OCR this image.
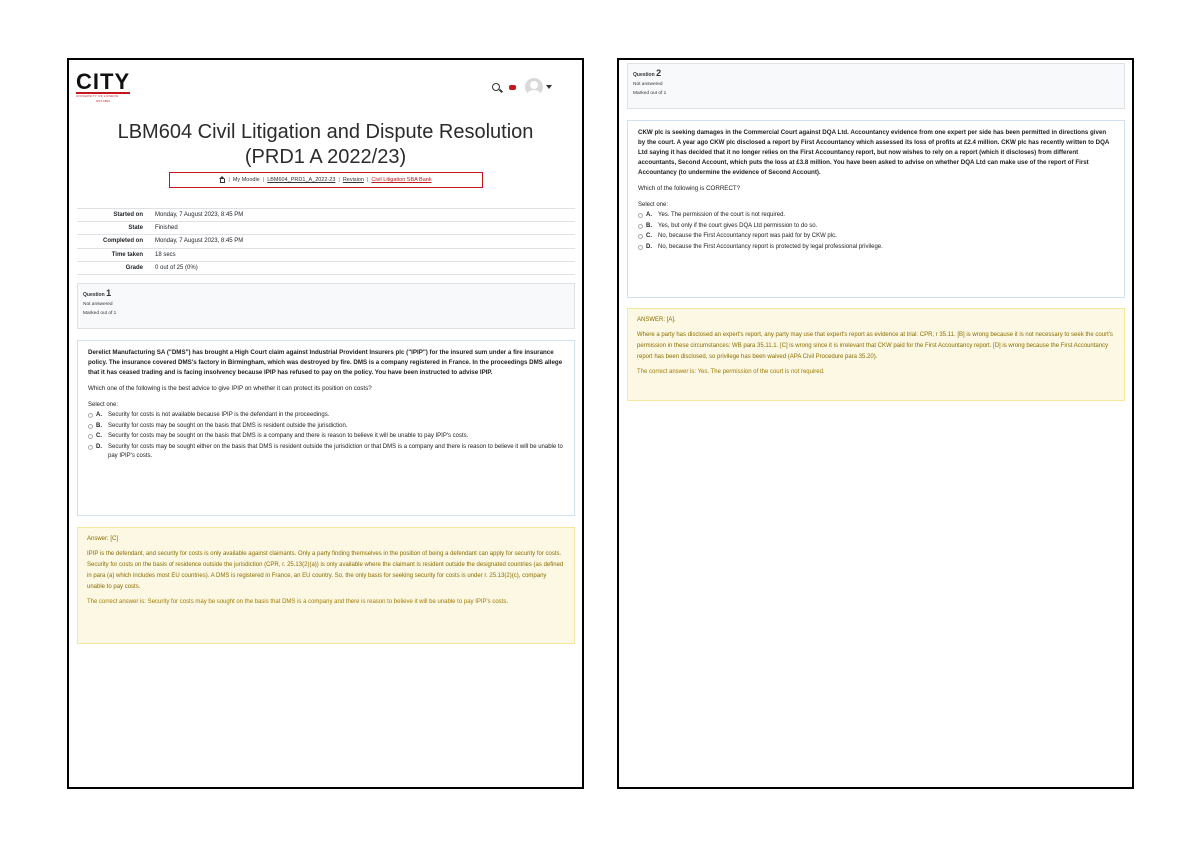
CITY
UNIVERSITY OF LONDON
EST 1894
LBM604 Civil Litigation and Dispute Resolution
(PRD1 A 2022/23)
| My Moodle | LBM604_PRD1_A_2022-23 | Revision | Civil Litigation SBA Bank
Started on	Monday, 7 August 2023, 8:45 PM
State	Finished
Completed on	Monday, 7 August 2023, 8:45 PM
Time taken	18 secs
Grade	0 out of 25 (0%)
Question 1
Not answered
Marked out of 1

Derelict Manufacturing SA ("DMS") has brought a High Court claim against Industrial Provident Insurers plc ("IPIP") for the insured sum under a fire insurance policy. The insurance covered DMS's factory in Birmingham, which was destroyed by fire. DMS is a company registered in France. In the proceedings DMS allege that it has ceased trading and is facing insolvency because IPIP has refused to pay on the policy. You have been instructed to advise IPIP.

Which one of the following is the best advice to give IPIP on whether it can protect its position on costs?

Select one:
A.	Security for costs is not available because IPIP is the defendant in the proceedings.
B.	Security for costs may be sought on the basis that DMS is resident outside the jurisdiction.
C.	Security for costs may be sought on the basis that DMS is a company and there is reason to believe it will be unable to pay IPIP's costs.
D.	Security for costs may be sought either on the basis that DMS is resident outside the jurisdiction or that DMS is a company and there is reason to believe it will be unable to pay IPIP's costs.

Answer: [C]

IPIP is the defendant, and security for costs is only available against claimants. Only a party finding themselves in the position of being a defendant can apply for security for costs. Security for costs on the basis of residence outside the jurisdiction (CPR, r. 25.13(2)(a)) is only available where the claimant is resident outside the designated countries (as defined in para (a) which includes most EU countries). A DMS is registered in France, an EU country. So, the only basis for seeking security for costs is under r. 25.13(2)(c), company unable to pay costs.

The correct answer is: Security for costs may be sought on the basis that DMS is a company and there is reason to believe it will be unable to pay IPIP's costs.

Question 2
Not answered
Marked out of 1

CKW plc is seeking damages in the Commercial Court against DQA Ltd. Accountancy evidence from one expert per side has been permitted in directions given by the court. A year ago CKW plc disclosed a report by First Accountancy which assessed its loss of profits at £2.4 million. CKW plc has recently written to DQA Ltd saying it has decided that it no longer relies on the First Accountancy report, but now wishes to rely on a report (which it discloses) from different accountants, Second Account, which puts the loss at £3.8 million. You have been asked to advise on whether DQA Ltd can make use of the report of First Accountancy (to undermine the evidence of Second Account).

Which of the following is CORRECT?

Select one:
A.	Yes. The permission of the court is not required.
B.	Yes, but only if the court gives DQA Ltd permission to do so.
C.	No, because the First Accountancy report was paid for by CKW plc.
D.	No, because the First Accountancy report is protected by legal professional privilege.

ANSWER: [A].

Where a party has disclosed an expert's report, any party may use that expert's report as evidence at trial: CPR, r 35.11. [B] is wrong because it is not necessary to seek the court's permission in these circumstances: WB para 35.11.1. [C] is wrong since it is irrelevant that CKW paid for the First Accountancy report. [D] is wrong because the First Accountancy report has been disclosed, so privilege has been waived (APA Civil Procedure para 35.20).

The correct answer is: Yes. The permission of the court is not required.
